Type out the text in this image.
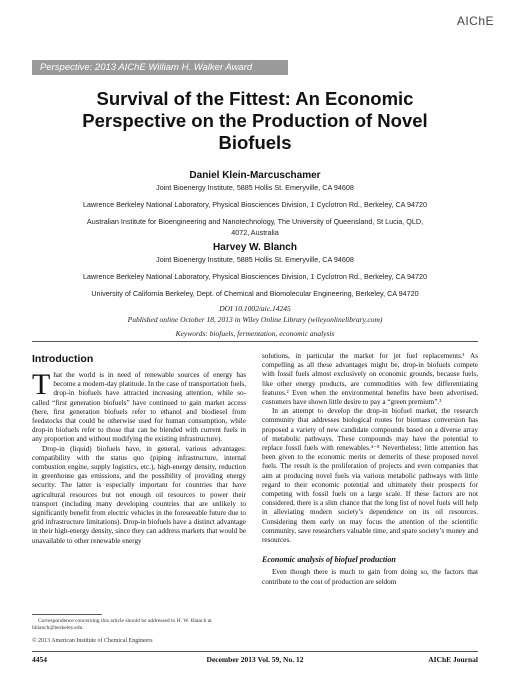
AIChE
Perspective: 2013 AIChE William H. Walker Award
Survival of the Fittest: An Economic
Perspective on the Production of Novel
Biofuels
Daniel Klein-Marcuschamer
Joint Bioenergy Institute, 5885 Hollis St. Emeryville, CA 94608
Lawrence Berkeley National Laboratory, Physical Biosciences Division, 1 Cyclotron Rd., Berkeley, CA 94720
Australian Institute for Bioengineering and Nanotechnology, The University of Queensland, St Lucia, QLD,
4072, Australia
Harvey W. Blanch
Joint Bioenergy Institute, 5885 Hollis St. Emeryville, CA 94608
Lawrence Berkeley National Laboratory, Physical Biosciences Division, 1 Cyclotron Rd., Berkeley, CA 94720
University of California Berkeley, Dept. of Chemical and Biomolecular Engineering, Berkeley, CA 94720
DOI 10.1002/aic.14245
Published online October 18, 2013 in Wiley Online Library (wileyonlinelibrary.com)
Keywords: biofuels, fermentation, economic analysis
Introduction

That the world is in need of renewable sources of energy has become a modern-day platitude. In the case of transportation fuels, drop-in biofuels have attracted increasing attention, while so-called “first generation biofuels” have continued to gain market access (here, first generation biofuels refer to ethanol and biodiesel from feedstocks that could be otherwise used for human consumption, while drop-in biofuels refer to those that can be blended with current fuels in any proportion and without modifying the existing infrastructure).

Drop-in (liquid) biofuels have, in general, various advantages: compatibility with the status quo (piping infrastructure, internal combustion engine, supply logistics, etc.), high-energy density, reduction in greenhouse gas emissions, and the possibility of providing energy security. The latter is especially important for countries that have agricultural resources but not enough oil resources to power their transport (including many developing countries that are unlikely to significantly benefit from electric vehicles in the foreseeable future due to grid infrastructure limitations). Drop-in biofuels have a distinct advantage in their high-energy density, since they can address markets that would be unavailable to other renewable energy

solutions, in particular the market for jet fuel replacements.¹ As compelling as all these advantages might be, drop-in biofuels compete with fossil fuels almost exclusively on economic grounds, because fuels, like other energy products, are commodities with few differentiating features.² Even when the environmental benefits have been advertised, customers have shown little desire to pay a “green premium”.³

In an attempt to develop the drop-in biofuel market, the research community that addresses biological routes for biomass conversion has proposed a variety of new candidate compounds based on a diverse array of metabolic pathways. These compounds may have the potential to replace fossil fuels with renewables.⁴⁻⁸ Nevertheless; little attention has been given to the economic merits or demerits of these proposed novel fuels. The result is the proliferation of projects and even companies that aim at producing novel fuels via various metabolic pathways with little regard to their economic potential and ultimately their prospects for competing with fossil fuels on a large scale. If these factors are not considered, there is a slim chance that the long list of novel fuels will help in alleviating modern society’s dependence on its oil resources. Considering them early on may focus the attention of the scientific community, save researchers valuable time, and spare society’s money and resources.

Economic analysis of biofuel production

Even though there is much to gain from doing so, the factors that contribute to the cost of production are seldom

Correspondence concerning this article should be addressed to H. W. Blanch at hblanch@berkeley.edu.
© 2013 American Institute of Chemical Engineers
4454	December 2013 Vol. 59, No. 12	AIChE Journal
